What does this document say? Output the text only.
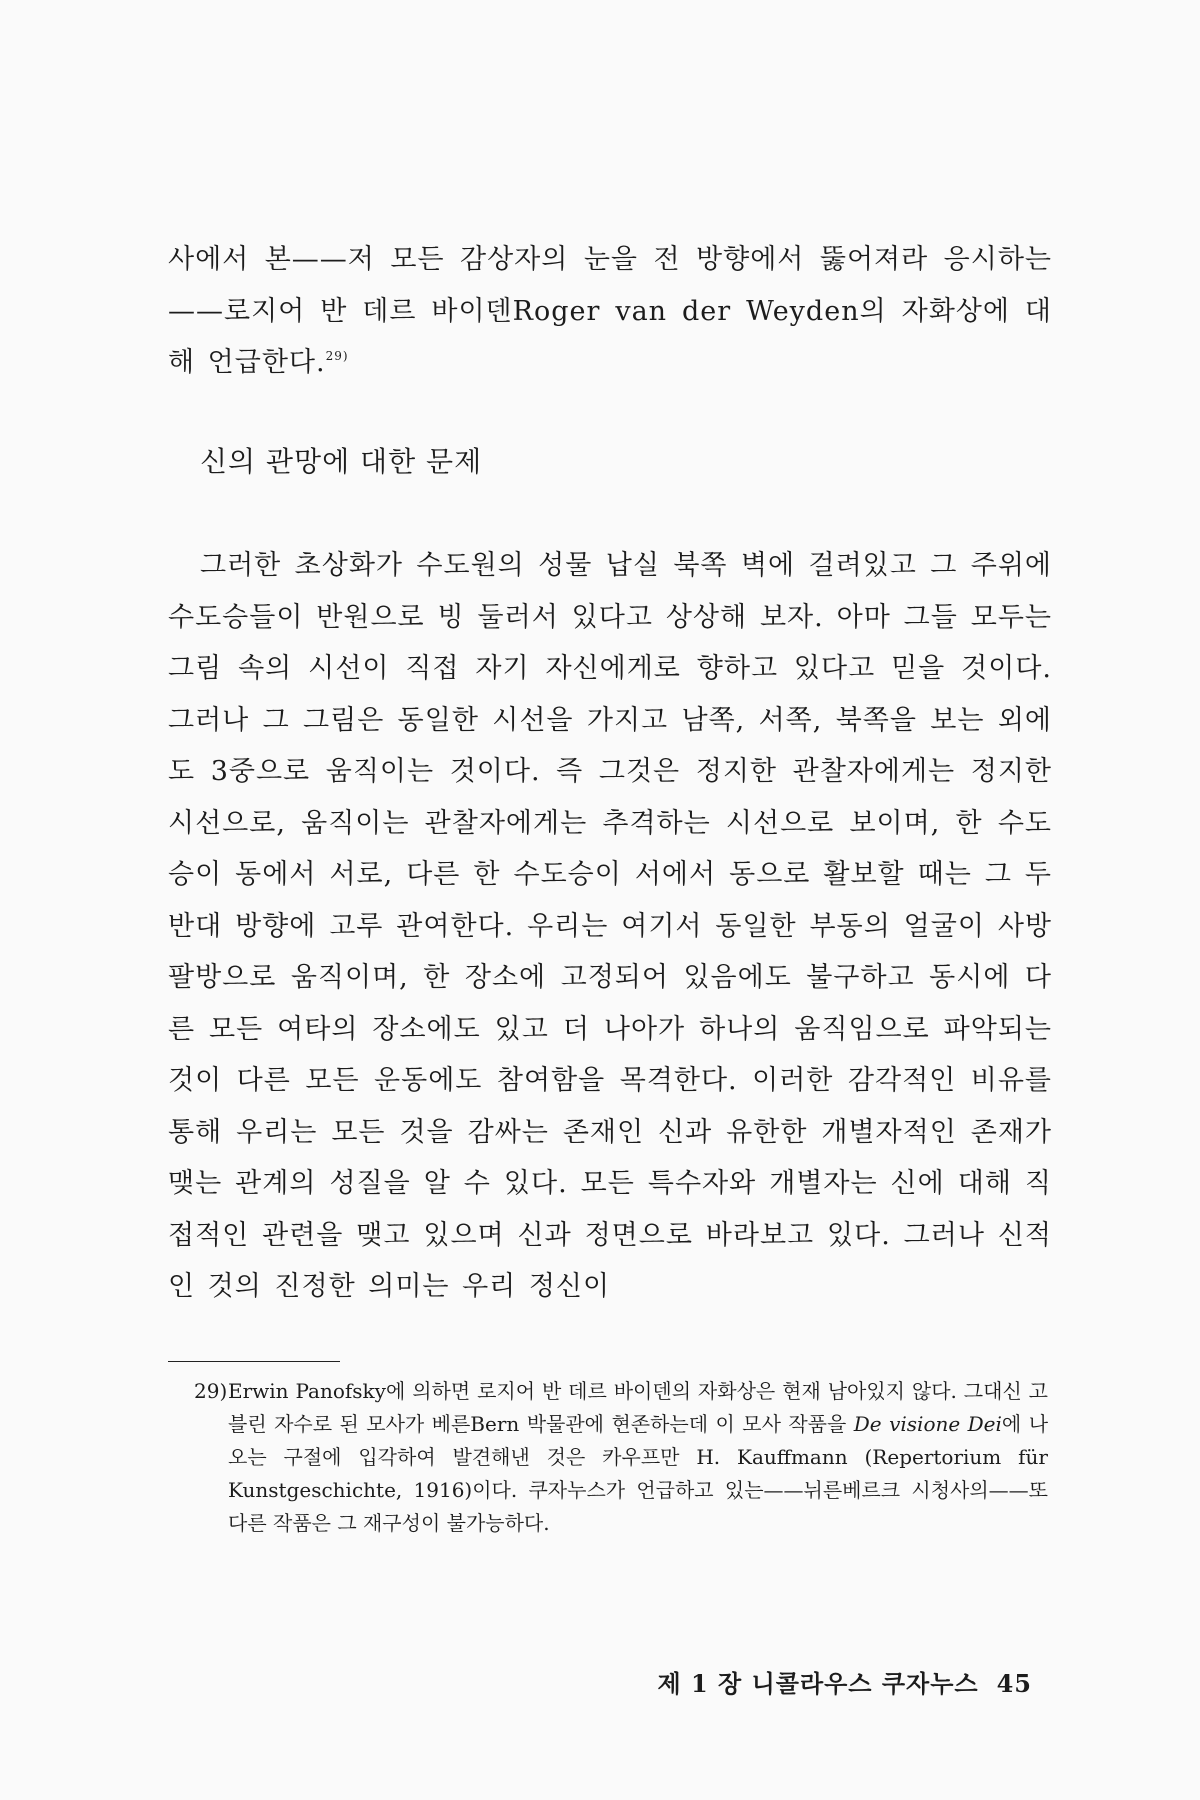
사에서 본——저 모든 감상자의 눈을 전 방향에서 뚫어져라 응시하는 ——로지어 반 데르 바이덴Roger van der Weyden의 자화상에 대해 언급한다.$^{29)}$
신의 관망에 대한 문제
그러한 초상화가 수도원의 성물 납실 북쪽 벽에 걸려있고 그 주위에 수도승들이 반원으로 빙 둘러서 있다고 상상해 보자. 아마 그들 모두는 그림 속의 시선이 직접 자기 자신에게로 향하고 있다고 믿을 것이다. 그러나 그 그림은 동일한 시선을 가지고 남쪽, 서쪽, 북쪽을 보는 외에도 3중으로 움직이는 것이다. 즉 그것은 정지한 관찰자에게는 정지한 시선으로, 움직이는 관찰자에게는 추격하는 시선으로 보이며, 한 수도승이 동에서 서로, 다른 한 수도승이 서에서 동으로 활보할 때는 그 두 반대 방향에 고루 관여한다. 우리는 여기서 동일한 부동의 얼굴이 사방 팔방으로 움직이며, 한 장소에 고정되어 있음에도 불구하고 동시에 다른 모든 여타의 장소에도 있고 더 나아가 하나의 움직임으로 파악되는 것이 다른 모든 운동에도 참여함을 목격한다. 이러한 감각적인 비유를 통해 우리는 모든 것을 감싸는 존재인 신과 유한한 개별자적인 존재가 맺는 관계의 성질을 알 수 있다. 모든 특수자와 개별자는 신에 대해 직접적인 관련을 맺고 있으며 신과 정면으로 바라보고 있다. 그러나 신적인 것의 진정한 의미는 우리 정신이
29) Erwin Panofsky에 의하면 로지어 반 데르 바이덴의 자화상은 현재 남아있지 않다. 그대신 고블린 자수로 된 모사가 베른Bern 박물관에 현존하는데 이 모사 작품을 De visione Dei에 나오는 구절에 입각하여 발견해낸 것은 카우프만 H. Kauffmann (Repertorium für Kunstgeschichte, 1916)이다. 쿠자누스가 언급하고 있는——뉘른베르크 시청사의——또 다른 작품은 그 재구성이 불가능하다.
제 1 장 니콜라우스 쿠자누스 45
